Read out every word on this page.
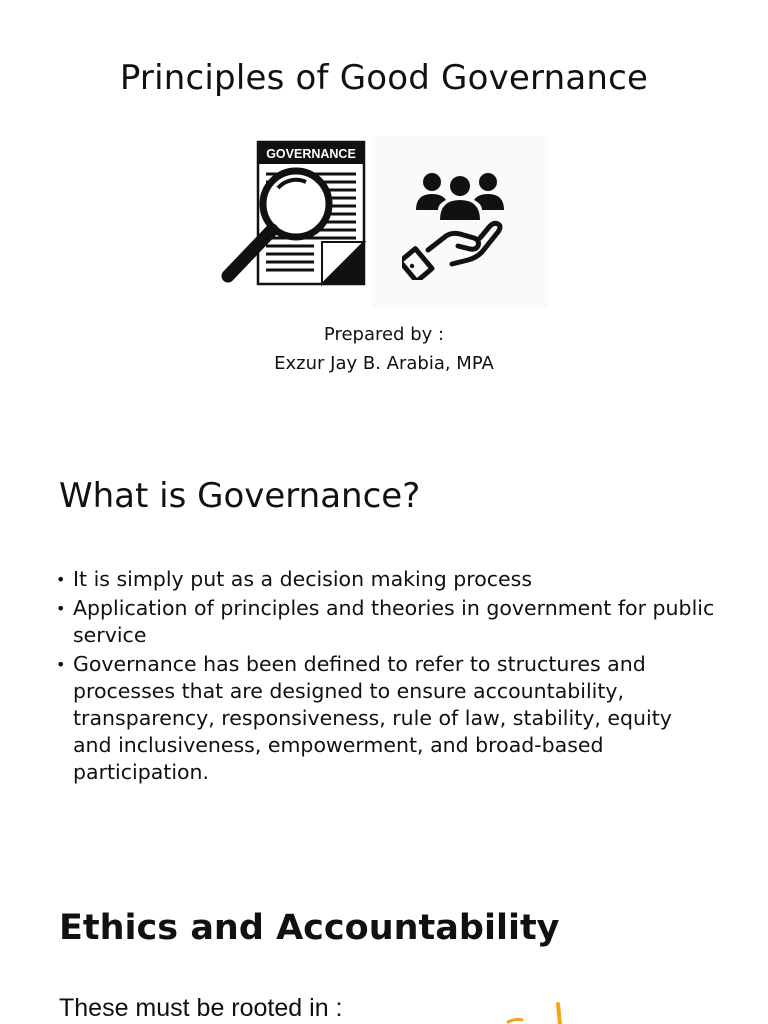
Principles of Good Governance
GOVERNANCE

Prepared by :

Exzur Jay B. Arabia, MPA

What is Governance?
• It is simply put as a decision making process
• Application of principles and theories in government for public service
• Governance has been defined to refer to structures and processes that are designed to ensure accountability, transparency, responsiveness, rule of law, stability, equity and inclusiveness, empowerment, and broad-based participation.
Ethics and Accountability

These must be rooted in :
